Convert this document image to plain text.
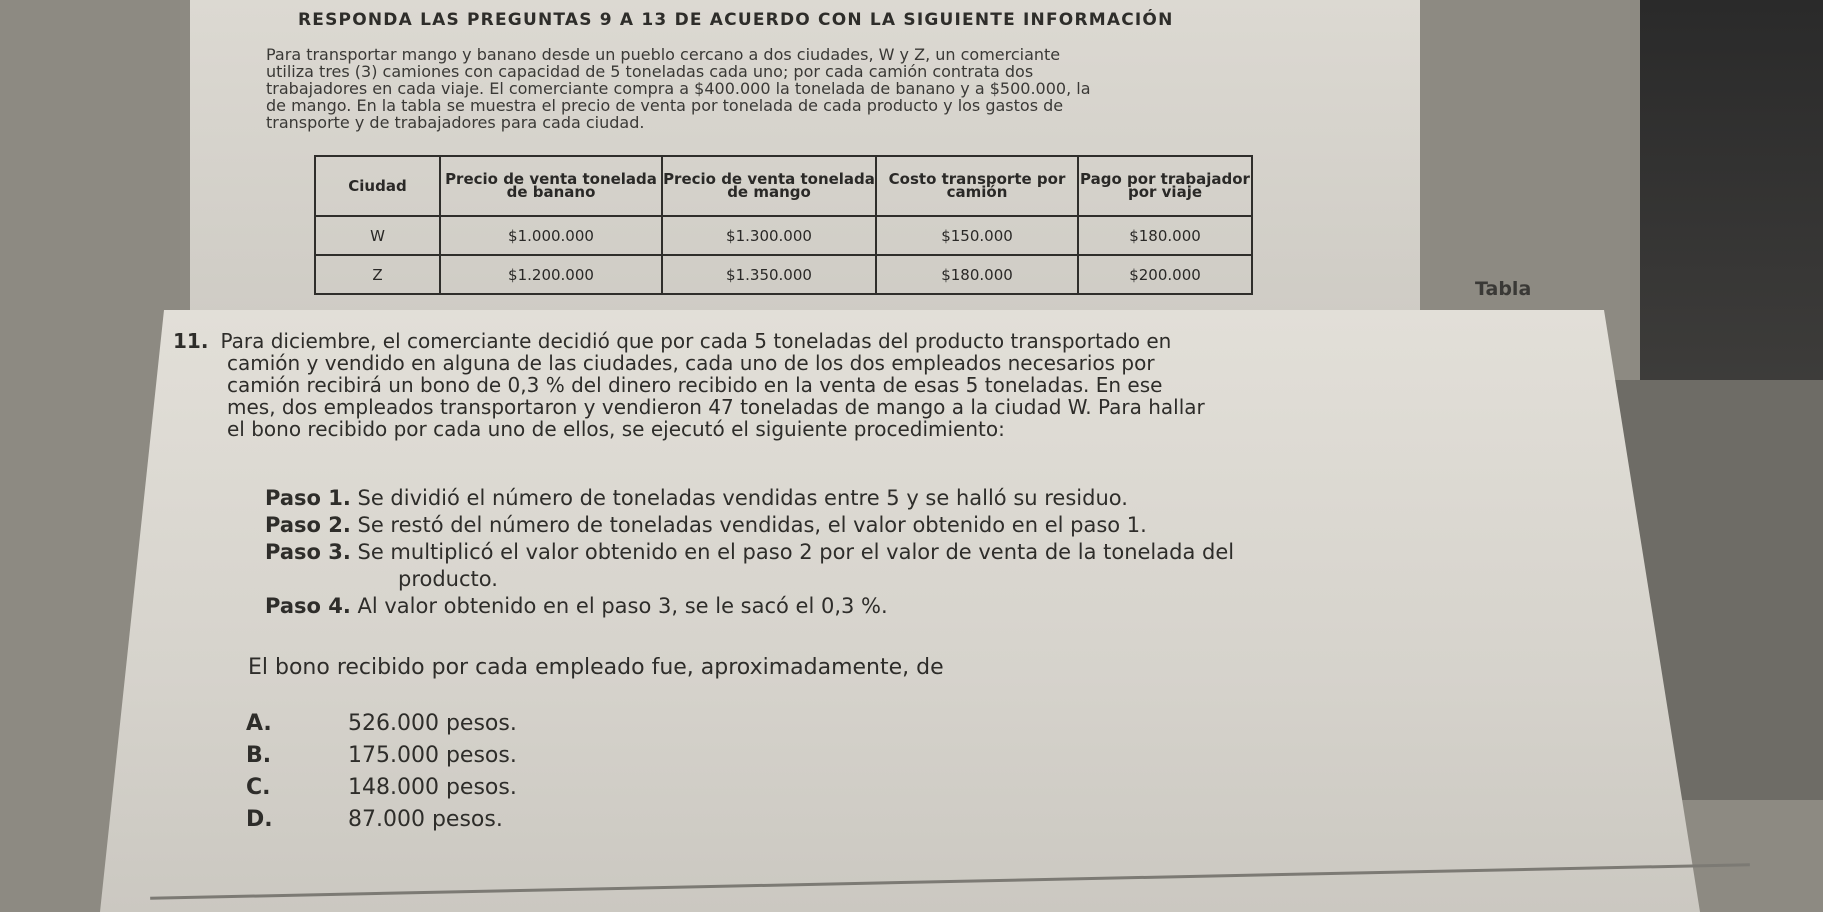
RESPONDA LAS PREGUNTAS 9 A 13 DE ACUERDO CON LA SIGUIENTE INFORMACIÓN

Para transportar mango y banano desde un pueblo cercano a dos ciudades, W y Z, un comerciante

utiliza tres (3) camiones con capacidad de 5 toneladas cada uno; por cada camión contrata dos

trabajadores en cada viaje. El comerciante compra a $400.000 la tonelada de banano y a $500.000, la

de mango. En la tabla se muestra el precio de venta por tonelada de cada producto y los gastos de

transporte y de trabajadores para cada ciudad.

Ciudad	Precio de venta tonelada de banano	Precio de venta tonelada de mango	Costo transporte por camión	Pago por trabajador por viaje
W	$1.000.000	$1.300.000	$150.000	$180.000
Z	$1.200.000	$1.350.000	$180.000	$200.000
Tabla
11. Para diciembre, el comerciante decidió que por cada 5 toneladas del producto transportado en
camión y vendido en alguna de las ciudades, cada uno de los dos empleados necesarios por
camión recibirá un bono de 0,3 % del dinero recibido en la venta de esas 5 toneladas. En ese
mes, dos empleados transportaron y vendieron 47 toneladas de mango a la ciudad W. Para hallar
el bono recibido por cada uno de ellos, se ejecutó el siguiente procedimiento:
Paso 1. Se dividió el número de toneladas vendidas entre 5 y se halló su residuo.
Paso 2. Se restó del número de toneladas vendidas, el valor obtenido en el paso 1.
Paso 3. Se multiplicó el valor obtenido en el paso 2 por el valor de venta de la tonelada del
producto.
Paso 4. Al valor obtenido en el paso 3, se le sacó el 0,3 %.
El bono recibido por cada empleado fue, aproximadamente, de
A.	526.000 pesos.
B.	175.000 pesos.
C.	148.000 pesos.
D.	87.000 pesos.
